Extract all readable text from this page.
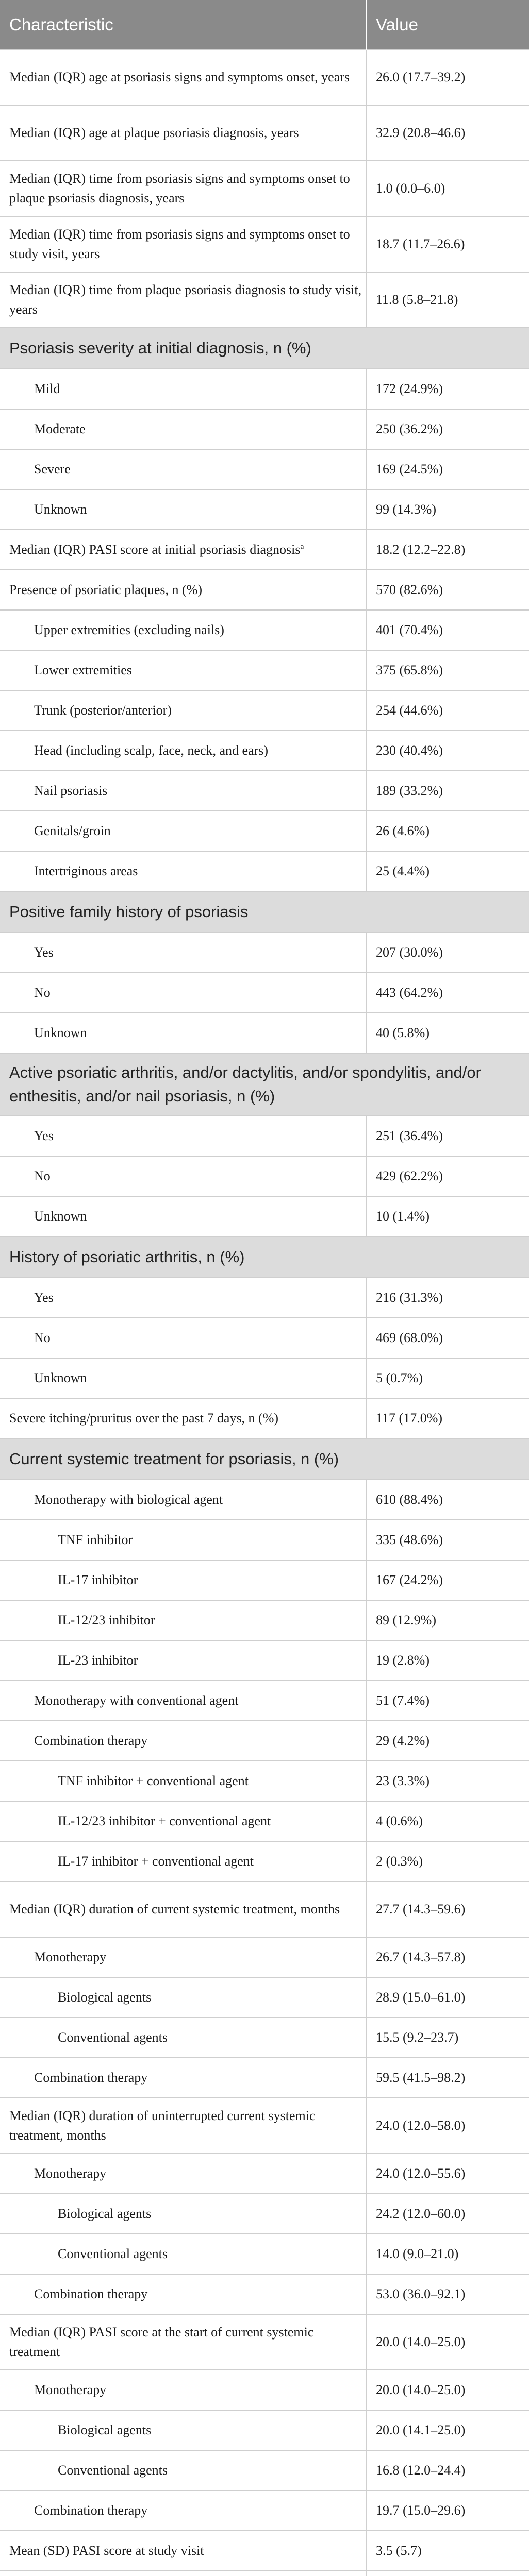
Characteristic	Value
Median (IQR) age at psoriasis signs and symptoms onset, years	26.0 (17.7–39.2)
Median (IQR) age at plaque psoriasis diagnosis, years	32.9 (20.8–46.6)
Median (IQR) time from psoriasis signs and symptoms onset to plaque psoriasis diagnosis, years	1.0 (0.0–6.0)
Median (IQR) time from psoriasis signs and symptoms onset to study visit, years	18.7 (11.7–26.6)
Median (IQR) time from plaque psoriasis diagnosis to study visit, years	11.8 (5.8–21.8)
Psoriasis severity at initial diagnosis, n (%)	
Mild	172 (24.9%)
Moderate	250 (36.2%)
Severe	169 (24.5%)
Unknown	99 (14.3%)
Median (IQR) PASI score at initial psoriasis diagnosis$^a$	18.2 (12.2–22.8)
Presence of psoriatic plaques, n (%)	570 (82.6%)
Upper extremities (excluding nails)	401 (70.4%)
Lower extremities	375 (65.8%)
Trunk (posterior/anterior)	254 (44.6%)
Head (including scalp, face, neck, and ears)	230 (40.4%)
Nail psoriasis	189 (33.2%)
Genitals/groin	26 (4.6%)
Intertriginous areas	25 (4.4%)
Positive family history of psoriasis	
Yes	207 (30.0%)
No	443 (64.2%)
Unknown	40 (5.8%)
Active psoriatic arthritis, and/or dactylitis, and/or spondylitis, and/or enthesitis, and/or nail psoriasis, n (%)	
Yes	251 (36.4%)
No	429 (62.2%)
Unknown	10 (1.4%)
History of psoriatic arthritis, n (%)	
Yes	216 (31.3%)
No	469 (68.0%)
Unknown	5 (0.7%)
Severe itching/pruritus over the past 7 days, n (%)	117 (17.0%)
Current systemic treatment for psoriasis, n (%)	
Monotherapy with biological agent	610 (88.4%)
TNF inhibitor	335 (48.6%)
IL-17 inhibitor	167 (24.2%)
IL-12/23 inhibitor	89 (12.9%)
IL-23 inhibitor	19 (2.8%)
Monotherapy with conventional agent	51 (7.4%)
Combination therapy	29 (4.2%)
TNF inhibitor + conventional agent	23 (3.3%)
IL-12/23 inhibitor + conventional agent	4 (0.6%)
IL-17 inhibitor + conventional agent	2 (0.3%)
Median (IQR) duration of current systemic treatment, months	27.7 (14.3–59.6)
Monotherapy	26.7 (14.3–57.8)
Biological agents	28.9 (15.0–61.0)
Conventional agents	15.5 (9.2–23.7)
Combination therapy	59.5 (41.5–98.2)
Median (IQR) duration of uninterrupted current systemic treatment, months	24.0 (12.0–58.0)
Monotherapy	24.0 (12.0–55.6)
Biological agents	24.2 (12.0–60.0)
Conventional agents	14.0 (9.0–21.0)
Combination therapy	53.0 (36.0–92.1)
Median (IQR) PASI score at the start of current systemic treatment	20.0 (14.0–25.0)
Monotherapy	20.0 (14.0–25.0)
Biological agents	20.0 (14.1–25.0)
Conventional agents	16.8 (12.0–24.4)
Combination therapy	19.7 (15.0–29.6)
Mean (SD) PASI score at study visit	3.5 (5.7)
